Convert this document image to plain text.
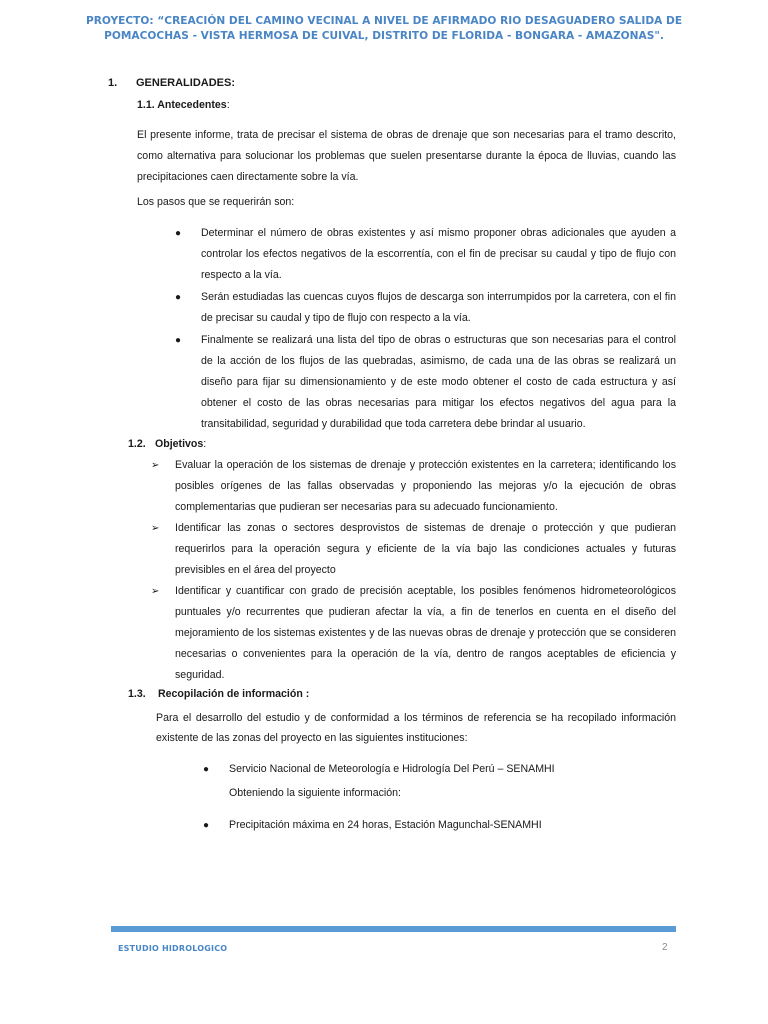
PROYECTO: “CREACIÓN DEL CAMINO VECINAL A NIVEL DE AFIRMADO RIO DESAGUADERO SALIDA DE
POMACOCHAS - VISTA HERMOSA DE CUIVAL, DISTRITO DE FLORIDA - BONGARA - AMAZONAS".
1. GENERALIDADES:
1.1. Antecedentes:

El presente informe, trata de precisar el sistema de obras de drenaje que son necesarias para el tramo descrito, como alternativa para solucionar los problemas que suelen presentarse durante la época de lluvias, cuando las precipitaciones caen directamente sobre la vía.

Los pasos que se requerirán son:

● Determinar el número de obras existentes y así mismo proponer obras adicionales que ayuden a controlar los efectos negativos de la escorrentía, con el fin de precisar su caudal y tipo de flujo con respecto a la vía.

● Serán estudiadas las cuencas cuyos flujos de descarga son interrumpidos por la carretera, con el fin de precisar su caudal y tipo de flujo con respecto a la vía.

● Finalmente se realizará una lista del tipo de obras o estructuras que son necesarias para el control de la acción de los flujos de las quebradas, asimismo, de cada una de las obras se realizará un diseño para fijar su dimensionamiento y de este modo obtener el costo de cada estructura y así obtener el costo de las obras necesarias para mitigar los efectos negativos del agua para la transitabilidad, seguridad y durabilidad que toda carretera debe brindar al usuario.

1.2. Objetivos:
➢ Evaluar la operación de los sistemas de drenaje y protección existentes en la carretera; identificando los posibles orígenes de las fallas observadas y proponiendo las mejoras y/o la ejecución de obras complementarias que pudieran ser necesarias para su adecuado funcionamiento.

➢ Identificar las zonas o sectores desprovistos de sistemas de drenaje o protección y que pudieran requerirlos para la operación segura y eficiente de la vía bajo las condiciones actuales y futuras previsibles en el área del proyecto

➢ Identificar y cuantificar con grado de precisión aceptable, los posibles fenómenos hidrometeorológicos puntuales y/o recurrentes que pudieran afectar la vía, a fin de tenerlos en cuenta en el diseño del mejoramiento de los sistemas existentes y de las nuevas obras de drenaje y protección que se consideren necesarias o convenientes para la operación de la vía, dentro de rangos aceptables de eficiencia y seguridad.

1.3. Recopilación de información :

Para el desarrollo del estudio y de conformidad a los términos de referencia se ha recopilado información existente de las zonas del proyecto en las siguientes instituciones:

● Servicio Nacional de Meteorología e Hidrología Del Perú – SENAMHI

Obteniendo la siguiente información:

● Precipitación máxima en 24 horas, Estación Magunchal-SENAMHI

ESTUDIO HIDROLOGICO	2
